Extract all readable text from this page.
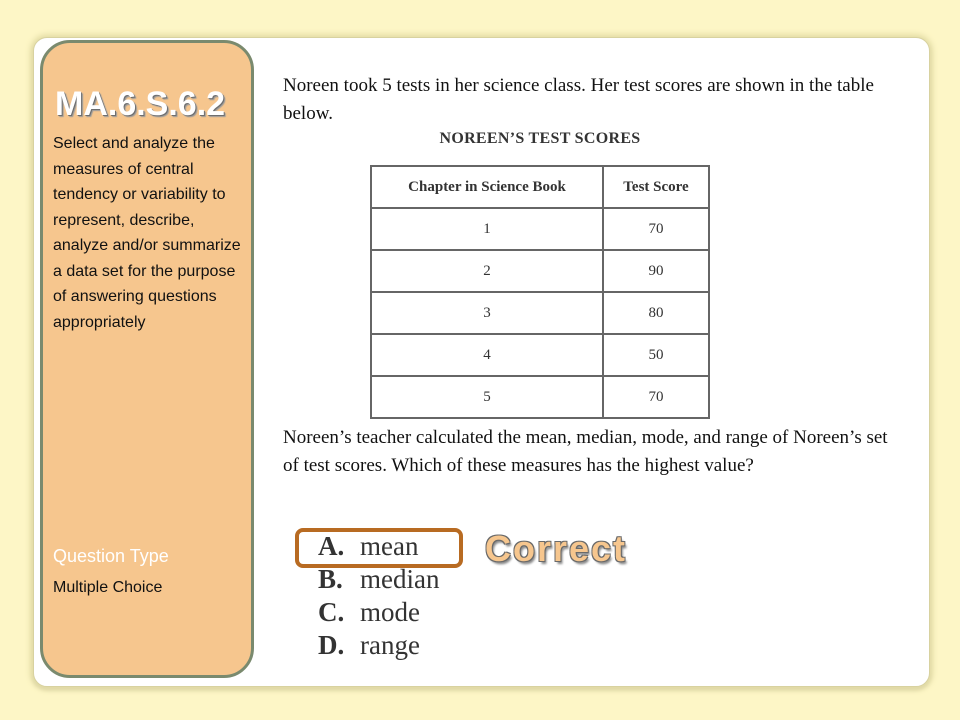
MA.6.S.6.2

Select and analyze the measures of central tendency or variability to represent, describe, analyze and/or summarize a data set for the purpose of answering questions appropriately

Question Type

Multiple Choice

Noreen took 5 tests in her science class. Her test scores are shown in the table below.

NOREEN’S TEST SCORES
Chapter in Science Book	Test Score
1	70
2	90
3	80
4	50
5	70

Noreen’s teacher calculated the mean, median, mode, and range of Noreen’s set of test scores. Which of these measures has the highest value?

A. mean
B. median
C. mode
D. range
Correct
